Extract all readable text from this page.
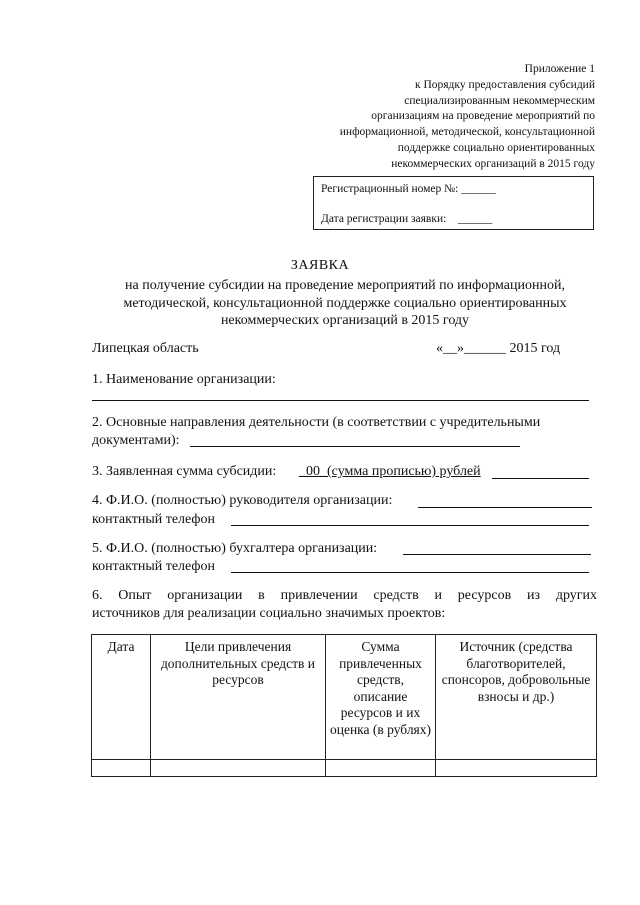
Приложение 1
к Порядку предоставления субсидий
специализированным некоммерческим
организациям на проведение мероприятий по
информационной, методической, консультационной
поддержке социально ориентированных
некоммерческих организаций в 2015 году
Регистрационный номер №: ______
Дата регистрации заявки:    ______
ЗАЯВКА
на получение субсидии на проведение мероприятий по информационной, методической, консультационной поддержке социально ориентированных некоммерческих организаций в 2015 году
Липецкая область	«__»______ 2015 год
1. Наименование организации:
2. Основные направления деятельности (в соответствии с учредительными
документами):
3. Заявленная сумма субсидии: _00_(сумма прописью) рублей
4. Ф.И.О. (полностью) руководителя организации:
контактный телефон
5. Ф.И.О. (полностью) бухгалтера организации:
контактный телефон
6. Опыт организации в привлечении средств и ресурсов из других
источников для реализации социально значимых проектов:
Дата	Цели привлечения дополнительных средств и ресурсов	Сумма привлеченных средств, описание ресурсов и их оценка (в рублях)	Источник (средства благотворителей, спонсоров, добровольные взносы и др.)
